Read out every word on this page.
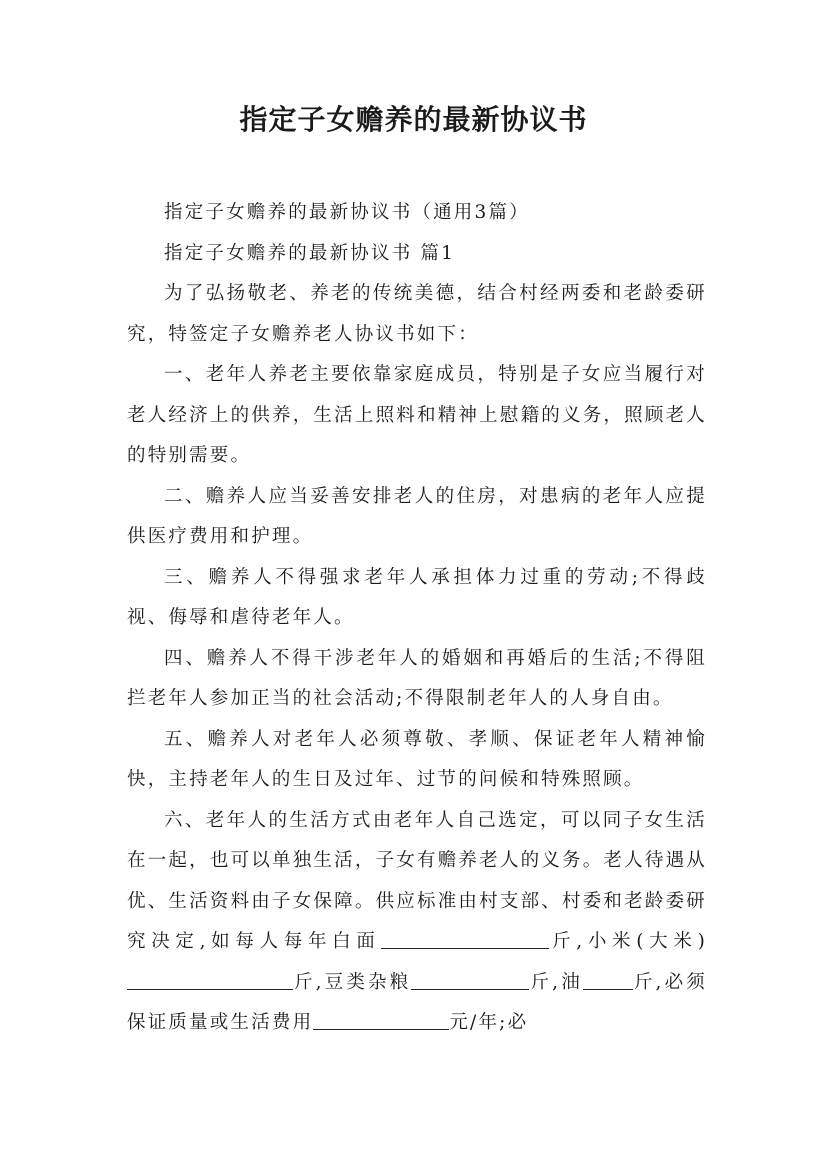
指定子女赡养的最新协议书

指定子女赡养的最新协议书（通用3篇）

指定子女赡养的最新协议书 篇1

为了弘扬敬老、养老的传统美德，结合村经两委和老龄委研究，特签定子女赡养老人协议书如下：

一、老年人养老主要依靠家庭成员，特别是子女应当履行对老人经济上的供养，生活上照料和精神上慰籍的义务，照顾老人的特别需要。

二、赡养人应当妥善安排老人的住房，对患病的老年人应提供医疗费用和护理。

三、赡养人不得强求老年人承担体力过重的劳动;不得歧视、侮辱和虐待老年人。

四、赡养人不得干涉老年人的婚姻和再婚后的生活;不得阻拦老年人参加正当的社会活动;不得限制老年人的人身自由。

五、赡养人对老年人必须尊敬、孝顺、保证老年人精神愉快，主持老年人的生日及过年、过节的问候和特殊照顾。

六、老年人的生活方式由老年人自己选定，可以同子女生活在一起，也可以单独生活，子女有赡养老人的义务。老人待遇从优、生活资料由子女保障。供应标准由村支部、村委和老龄委研究决定,如每人每年白面	斤,小米(大米)斤,豆类杂粮	斤,油	斤,必须保证质量或生活费用	元/年;必
